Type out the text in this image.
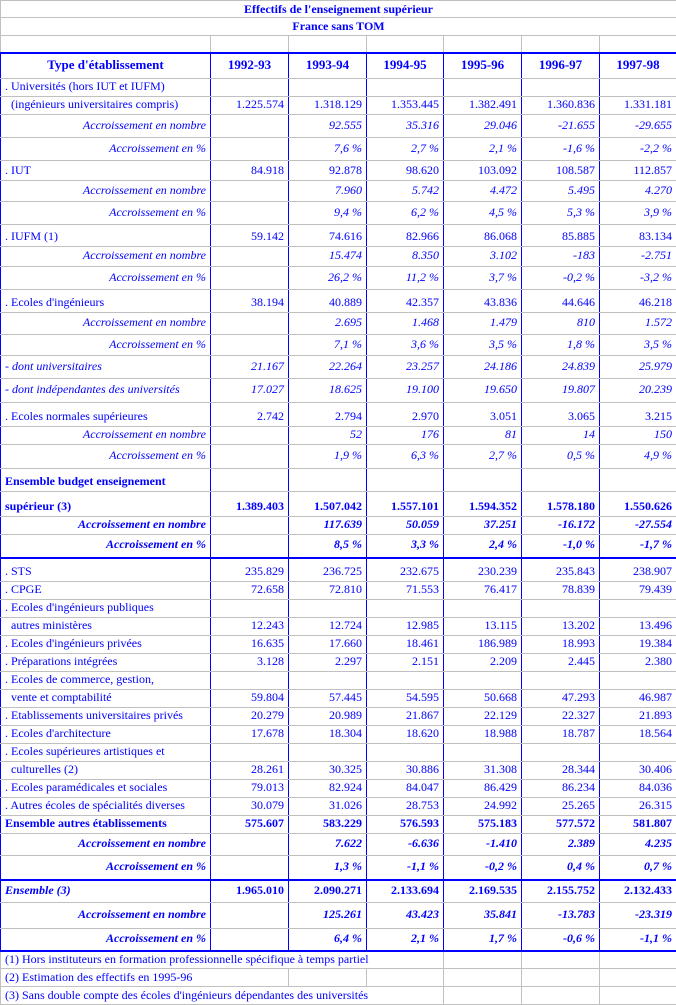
Effectifs de l'enseignement supérieur						
France sans TOM						

Type d'établissement	1992-93	1993-94	1994-95	1995-96	1996-97	1997-98
. Universités (hors IUT et IUFM)						
(ingénieurs universitaires compris)	1.225.574	1.318.129	1.353.445	1.382.491	1.360.836	1.331.181
Accroissement en nombre		92.555	35.316	29.046	-21.655	-29.655
Accroissement en %		7,6 %	2,7 %	2,1 %	-1,6 %	-2,2 %
. IUT	84.918	92.878	98.620	103.092	108.587	112.857
Accroissement en nombre		7.960	5.742	4.472	5.495	4.270
Accroissement en %		9,4 %	6,2 %	4,5 %	5,3 %	3,9 %
. IUFM (1)	59.142	74.616	82.966	86.068	85.885	83.134
Accroissement en nombre		15.474	8.350	3.102	-183	-2.751
Accroissement en %		26,2 %	11,2 %	3,7 %	-0,2 %	-3,2 %
. Ecoles d'ingénieurs	38.194	40.889	42.357	43.836	44.646	46.218
Accroissement en nombre		2.695	1.468	1.479	810	1.572
Accroissement en %		7,1 %	3,6 %	3,5 %	1,8 %	3,5 %
- dont universitaires	21.167	22.264	23.257	24.186	24.839	25.979
- dont indépendantes des universités	17.027	18.625	19.100	19.650	19.807	20.239
. Ecoles normales supérieures	2.742	2.794	2.970	3.051	3.065	3.215
Accroissement en nombre		52	176	81	14	150
Accroissement en %		1,9 %	6,3 %	2,7 %	0,5 %	4,9 %
Ensemble budget enseignement						
supérieur (3)	1.389.403	1.507.042	1.557.101	1.594.352	1.578.180	1.550.626
Accroissement en nombre		117.639	50.059	37.251	-16.172	-27.554
Accroissement en %		8,5 %	3,3 %	2,4 %	-1,0 %	-1,7 %
. STS	235.829	236.725	232.675	230.239	235.843	238.907
. CPGE	72.658	72.810	71.553	76.417	78.839	79.439
. Ecoles d'ingénieurs publiques						
autres ministères	12.243	12.724	12.985	13.115	13.202	13.496
. Ecoles d'ingénieurs privées	16.635	17.660	18.461	186.989	18.993	19.384
. Préparations intégrées	3.128	2.297	2.151	2.209	2.445	2.380
. Ecoles de commerce, gestion,						
vente et comptabilité	59.804	57.445	54.595	50.668	47.293	46.987
. Etablissements universitaires privés	20.279	20.989	21.867	22.129	22.327	21.893
. Ecoles d'architecture	17.678	18.304	18.620	18.988	18.787	18.564
. Ecoles supérieures artistiques et						
culturelles (2)	28.261	30.325	30.886	31.308	28.344	30.406
. Ecoles paramédicales et sociales	79.013	82.924	84.047	86.429	86.234	84.036
. Autres écoles de spécialités diverses	30.079	31.026	28.753	24.992	25.265	26.315
Ensemble autres établissements	575.607	583.229	576.593	575.183	577.572	581.807
Accroissement en nombre		7.622	-6.636	-1.410	2.389	4.235
Accroissement en %		1,3 %	-1,1 %	-0,2 %	0,4 %	0,7 %
Ensemble (3)	1.965.010	2.090.271	2.133.694	2.169.535	2.155.752	2.132.433
Accroissement en nombre		125.261	43.423	35.841	-13.783	-23.319
Accroissement en %		6,4 %	2,1 %	1,7 %	-0,6 %	-1,1 %
(1) Hors instituteurs en formation professionnelle spécifique à temps partiel						
(2) Estimation des effectifs en 1995-96						
(3) Sans double compte des écoles d'ingénieurs dépendantes des universités						
